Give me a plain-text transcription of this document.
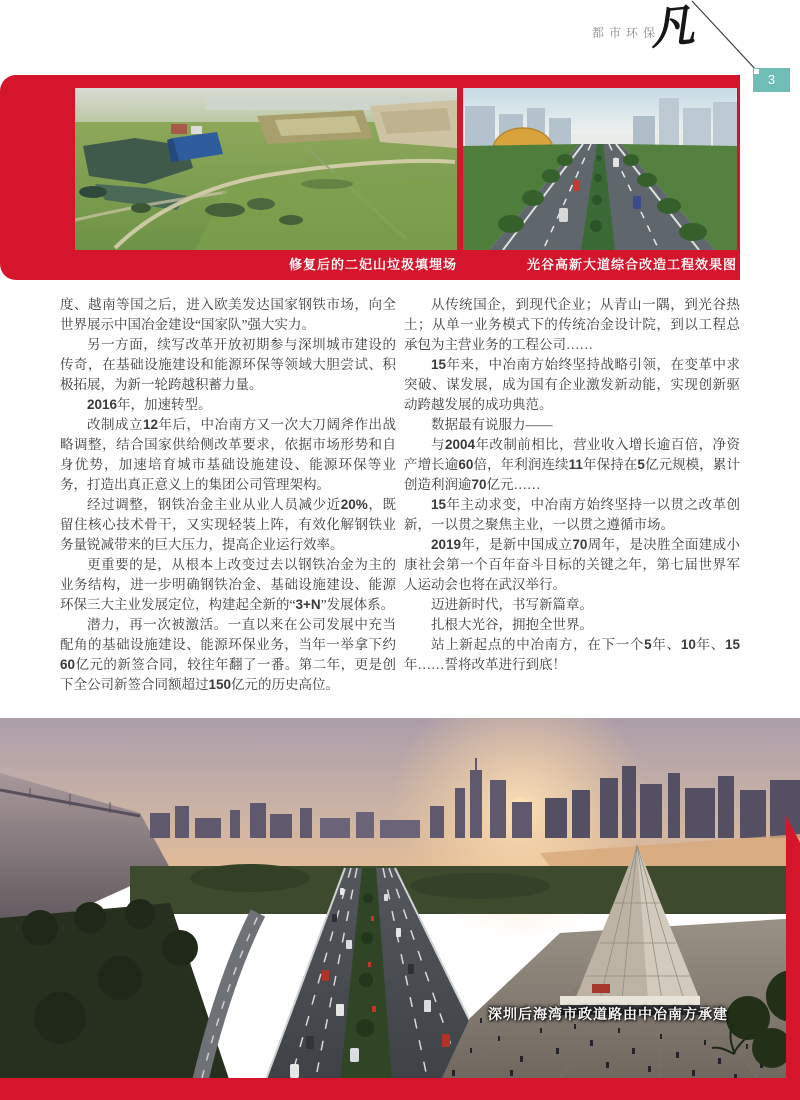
都市环保
凡
3
修复后的二妃山垃圾填埋场	光谷高新大道综合改造工程效果图

度、越南等国之后，进入欧美发达国家钢铁市场，向全世界展示中国冶金建设“国家队”强大实力。

另一方面，续写改革开放初期参与深圳城市建设的传奇，在基础设施建设和能源环保等领域大胆尝试、积极拓展，为新一轮跨越积蓄力量。

2016年，加速转型。

改制成立12年后，中冶南方又一次大刀阔斧作出战略调整，结合国家供给侧改革要求，依据市场形势和自身优势，加速培育城市基础设施建设、能源环保等业务，打造出真正意义上的集团公司管理架构。

经过调整，钢铁冶金主业从业人员减少近20%，既留住核心技术骨干，又实现轻装上阵，有效化解钢铁业务量锐减带来的巨大压力，提高企业运行效率。

更重要的是，从根本上改变过去以钢铁冶金为主的业务结构，进一步明确钢铁冶金、基础设施建设、能源环保三大主业发展定位，构建起全新的“3+N”发展体系。

潜力，再一次被激活。一直以来在公司发展中充当配角的基础设施建设、能源环保业务，当年一举拿下约60亿元的新签合同，较往年翻了一番。第二年，更是创下全公司新签合同额超过150亿元的历史高位。

从传统国企，到现代企业；从青山一隅，到光谷热土；从单一业务模式下的传统冶金设计院，到以工程总承包为主营业务的工程公司……

15年来，中冶南方始终坚持战略引领，在变革中求突破、谋发展，成为国有企业激发新动能，实现创新驱动跨越发展的成功典范。

数据最有说服力——

与2004年改制前相比，营业收入增长逾百倍，净资产增长逾60倍，年利润连续11年保持在5亿元规模，累计创造利润逾70亿元……

15年主动求变，中冶南方始终坚持一以贯之改革创新，一以贯之聚焦主业，一以贯之遵循市场。

2019年，是新中国成立70周年，是决胜全面建成小康社会第一个百年奋斗目标的关键之年，第七届世界军人运动会也将在武汉举行。

迈进新时代，书写新篇章。

扎根大光谷，拥抱全世界。

站上新起点的中冶南方，在下一个5年、10年、15年……誓将改革进行到底！

深圳后海湾市政道路由中冶南方承建
